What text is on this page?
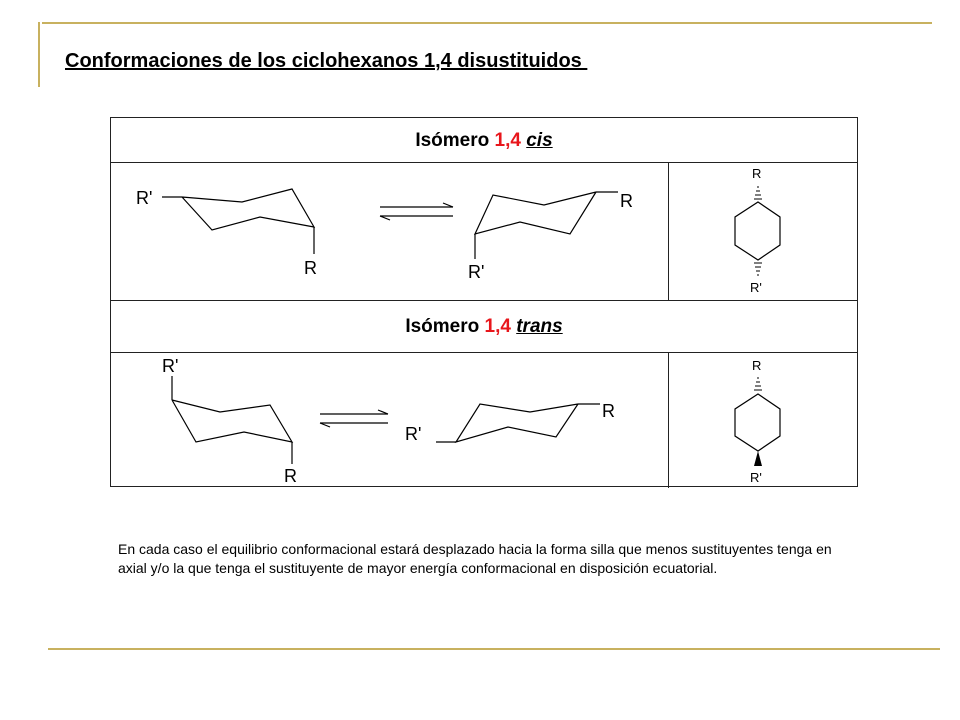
Conformaciones de los ciclohexanos 1,4 disustituidos
Isómero 1,4 cis
Isómero 1,4 trans
R'
R
R
R'
R
R'
R'
R
R
R'
R
R'

En cada caso el equilibrio conformacional estará desplazado hacia la forma silla que menos sustituyentes tenga en axial y/o la que tenga el sustituyente de mayor energía conformacional en disposición ecuatorial.
